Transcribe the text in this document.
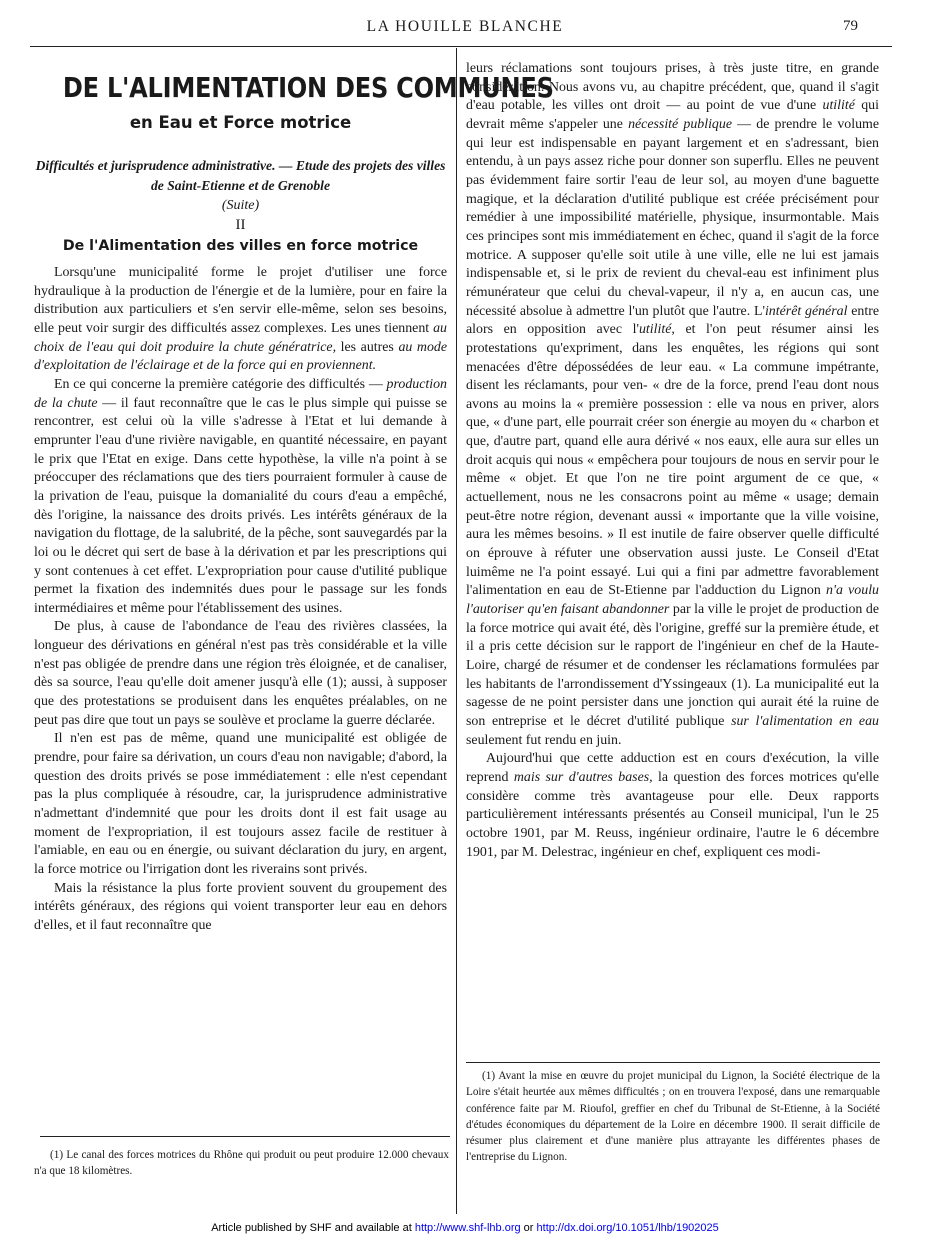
LA HOUILLE BLANCHE	79
DE L'ALIMENTATION DES COMMUNES
en Eau et Force motrice

Difficultés et jurisprudence administrative. — Etude des projets des villes de Saint-Etienne et de Grenoble

(Suite)

II

De l'Alimentation des villes en force motrice

Lorsqu'une municipalité forme le projet d'utiliser une force hydraulique à la production de l'énergie et de la lumière, pour en faire la distribution aux particuliers et s'en servir elle-même, selon ses besoins, elle peut voir surgir des difficultés assez complexes. Les unes tiennent au choix de l'eau qui doit produire la chute génératrice, les autres au mode d'exploitation de l'éclairage et de la force qui en proviennent.

En ce qui concerne la première catégorie des difficultés — production de la chute — il faut reconnaître que le cas le plus simple qui puisse se rencontrer, est celui où la ville s'adresse à l'Etat et lui demande à emprunter l'eau d'une rivière navigable, en quantité nécessaire, en payant le prix que l'Etat en exige. Dans cette hypothèse, la ville n'a point à se préoccuper des réclamations que des tiers pourraient formuler à cause de la privation de l'eau, puisque la domanialité du cours d'eau a empêché, dès l'origine, la naissance des droits privés. Les intérêts généraux de la navigation du flottage, de la salubrité, de la pêche, sont sauvegardés par la loi ou le décret qui sert de base à la dérivation et par les prescriptions qui y sont contenues à cet effet. L'expropriation pour cause d'utilité publique permet la fixation des indemnités dues pour le passage sur les fonds intermédiaires et même pour l'établissement des usines.

De plus, à cause de l'abondance de l'eau des rivières classées, la longueur des dérivations en général n'est pas très considérable et la ville n'est pas obligée de prendre dans une région très éloignée, et de canaliser, dès sa source, l'eau qu'elle doit amener jusqu'à elle (1); aussi, à supposer que des protestations se produisent dans les enquêtes préalables, on ne peut pas dire que tout un pays se soulève et proclame la guerre déclarée.

Il n'en est pas de même, quand une municipalité est obligée de prendre, pour faire sa dérivation, un cours d'eau non navigable; d'abord, la question des droits privés se pose immédiatement : elle n'est cependant pas la plus compliquée à résoudre, car, la jurisprudence administrative n'admettant d'indemnité que pour les droits dont il est fait usage au moment de l'expropriation, il est toujours assez facile de restituer à l'amiable, en eau ou en énergie, ou suivant déclaration du jury, en argent, la force motrice ou l'irrigation dont les riverains sont privés.

Mais la résistance la plus forte provient souvent du groupement des intérêts généraux, des régions qui voient transporter leur eau en dehors d'elles, et il faut reconnaître que

leurs réclamations sont toujours prises, à très juste titre, en grande considération. Nous avons vu, au chapitre précédent, que, quand il s'agit d'eau potable, les villes ont droit — au point de vue d'une utilité qui devrait même s'appeler une nécessité publique — de prendre le volume qui leur est indispensable en payant largement et en s'adressant, bien entendu, à un pays assez riche pour donner son superflu. Elles ne peuvent pas évidemment faire sortir l'eau de leur sol, au moyen d'une baguette magique, et la déclaration d'utilité publique est créée précisément pour remédier à une impossibilité matérielle, physique, insurmontable. Mais ces principes sont mis immédiatement en échec, quand il s'agit de la force motrice. A supposer qu'elle soit utile à une ville, elle ne lui est jamais indispensable et, si le prix de revient du cheval-eau est infiniment plus rémunérateur que celui du cheval-vapeur, il n'y a, en aucun cas, une nécessité absolue à admettre l'un plutôt que l'autre. L'intérêt général entre alors en opposition avec l'utilité, et l'on peut résumer ainsi les protestations qu'expriment, dans les enquêtes, les régions qui sont menacées d'être dépossédées de leur eau. « La commune impétrante, disent les réclamants, pour ven- « dre de la force, prend l'eau dont nous avons au moins la « première possession : elle va nous en priver, alors que, « d'une part, elle pourrait créer son énergie au moyen du « charbon et que, d'autre part, quand elle aura dérivé « nos eaux, elle aura sur elles un droit acquis qui nous « empêchera pour toujours de nous en servir pour le même « objet. Et que l'on ne tire point argument de ce que, « actuellement, nous ne les consacrons point au même « usage; demain peut-être notre région, devenant aussi « importante que la ville voisine, aura les mêmes besoins. » Il est inutile de faire observer quelle difficulté on éprouve à réfuter une observation aussi juste. Le Conseil d'Etat luimême ne l'a point essayé. Lui qui a fini par admettre favorablement l'alimentation en eau de St-Etienne par l'adduction du Lignon n'a voulu l'autoriser qu'en faisant abandonner par la ville le projet de production de la force motrice qui avait été, dès l'origine, greffé sur la première étude, et il a pris cette décision sur le rapport de l'ingénieur en chef de la Haute-Loire, chargé de résumer et de condenser les réclamations formulées par les habitants de l'arrondissement d'Yssingeaux (1). La municipalité eut la sagesse de ne point persister dans une jonction qui aurait été la ruine de son entreprise et le décret d'utilité publique sur l'alimentation en eau seulement fut rendu en juin.

Aujourd'hui que cette adduction est en cours d'exécution, la ville reprend mais sur d'autres bases, la question des forces motrices qu'elle considère comme très avantageuse pour elle. Deux rapports particulièrement intéressants présentés au Conseil municipal, l'un le 25 octobre 1901, par M. Reuss, ingénieur ordinaire, l'autre le 6 décembre 1901, par M. Delestrac, ingénieur en chef, expliquent ces modi-

(1) Le canal des forces motrices du Rhône qui produit ou peut produire 12.000 chevaux n'a que 18 kilomètres.

(1) Avant la mise en œuvre du projet municipal du Lignon, la Société électrique de la Loire s'était heurtée aux mêmes difficultés ; on en trouvera l'exposé, dans une remarquable conférence faite par M. Rioufol, greffier en chef du Tribunal de St-Etienne, à la Société d'études économiques du département de la Loire en décembre 1900. Il serait difficile de résumer plus clairement et d'une manière plus attrayante les différentes phases de l'entreprise du Lignon.

Article published by SHF and available at http://www.shf-lhb.org or http://dx.doi.org/10.1051/lhb/1902025
